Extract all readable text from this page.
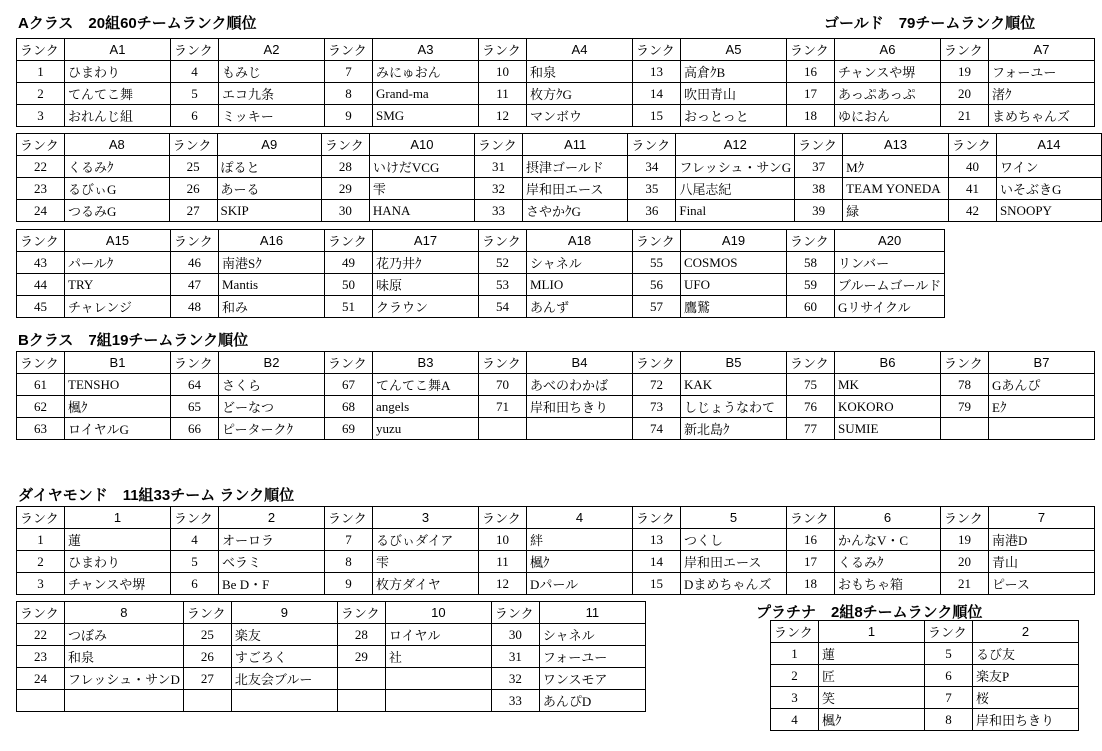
Aクラス　20組60チームランク順位	ゴールド　79チームランク順位
ランク	A1	ランク	A2	ランク	A3	ランク	A4	ランク	A5	ランク	A6	ランク	A7
1	ひまわり	4	もみじ	7	みにゅおん	10	和泉	13	高倉ｸB	16	チャンスや堺	19	フォーユー
2	てんてこ舞	5	エコ九条	8	Grand-ma	11	枚方ｸG	14	吹田青山	17	あっぷあっぷ	20	渚ｸ
3	おれんじ組	6	ミッキー	9	SMG	12	マンボウ	15	おっとっと	18	ゆにおん	21	まめちゃんズ
ランク	A8	ランク	A9	ランク	A10	ランク	A11	ランク	A12	ランク	A13	ランク	A14
22	くるみｸ	25	ぽると	28	いけだVCG	31	摂津ゴールド	34	フレッシュ・サンG	37	Mｸ	40	ワイン
23	るびぃG	26	あーる	29	雫	32	岸和田エース	35	八尾志紀	38	TEAM YONEDA	41	いそぶきG
24	つるみG	27	SKIP	30	HANA	33	さやかｸG	36	Final	39	緑	42	SNOOPY
ランク	A15	ランク	A16	ランク	A17	ランク	A18	ランク	A19	ランク	A20
43	パールｸ	46	南港Sｸ	49	花乃井ｸ	52	シャネル	55	COSMOS	58	リンバー
44	TRY	47	Mantis	50	味原	53	MLIO	56	UFO	59	ブルームゴールド
45	チャレンジ	48	和み	51	クラウン	54	あんず	57	鷹鷲	60	Gリサイクル
Bクラス　7組19チームランク順位
ランク	B1	ランク	B2	ランク	B3	ランク	B4	ランク	B5	ランク	B6	ランク	B7
61	TENSHO	64	さくら	67	てんてこ舞A	70	あべのわかば	72	KAK	75	MK	78	Gあんぴ
62	楓ｸ	65	どーなつ	68	angels	71	岸和田ちきり	73	しじょうなわて	76	KOKORO	79	Eｸ
63	ロイヤルG	66	ピータークｸ	69	yuzu			74	新北島ｸ	77	SUMIE		
ダイヤモンド　11組33チーム ランク順位
ランク	1	ランク	2	ランク	3	ランク	4	ランク	5	ランク	6	ランク	7
1	蓮	4	オーロラ	7	るびぃダイア	10	絆	13	つくし	16	かんなV・C	19	南港D
2	ひまわり	5	ベラミ	8	雫	11	楓ｸ	14	岸和田エース	17	くるみｸ	20	青山
3	チャンスや堺	6	Be D・F	9	枚方ダイヤ	12	Dパール	15	Dまめちゃんズ	18	おもちゃ箱	21	ピース
ランク	8	ランク	9	ランク	10	ランク	11
22	つぼみ	25	楽友	28	ロイヤル	30	シャネル
23	和泉	26	すごろく	29	社	31	フォーユー
24	フレッシュ・サンD	27	北友会ブルー			32	ワンスモア
						33	あんぴD
プラチナ　2組8チームランク順位
ランク	1	ランク	2
1	蓮	5	るび友
2	匠	6	楽友P
3	笑	7	桜
4	楓ｸ	8	岸和田ちきり
